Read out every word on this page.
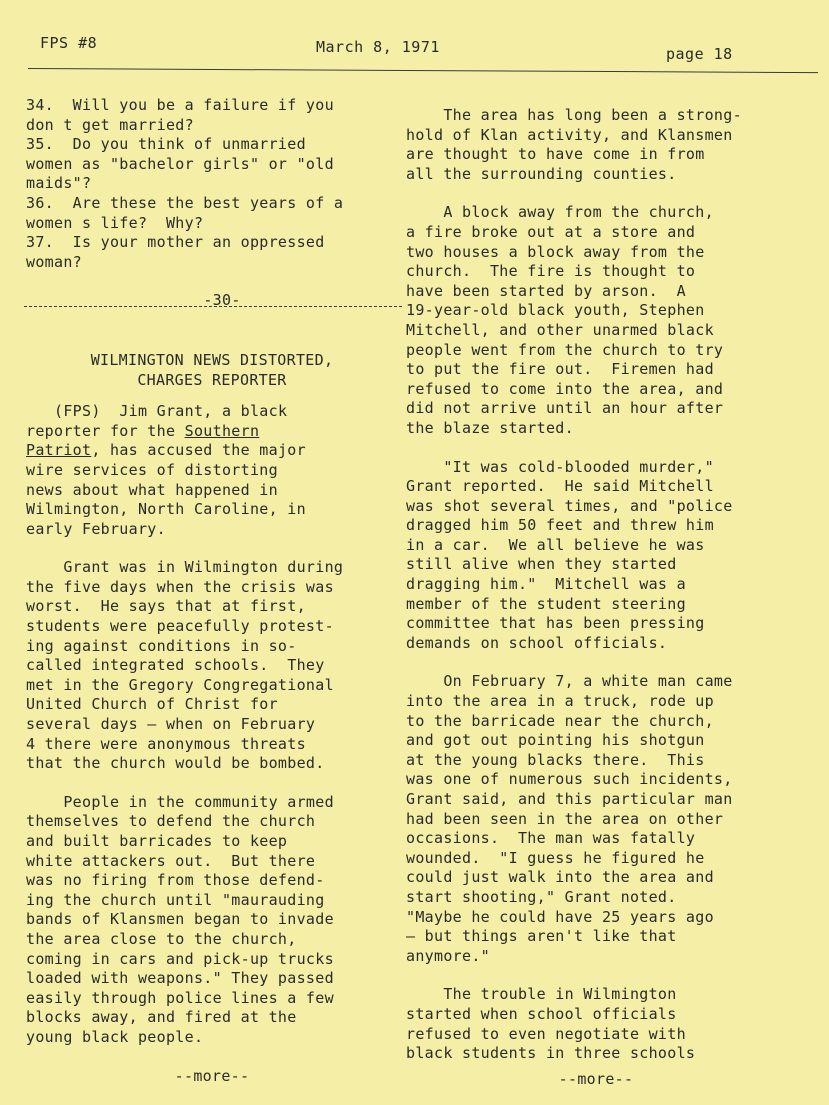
FPS #8	March 8, 1971	page 18

34.  Will you be a failure if you
don t get married?

35.  Do you think of unmarried
women as "bachelor girls" or "old
maids"?

36.  Are these the best years of a
women s life?  Why?

37.  Is your mother an oppressed
woman?

-30-

WILMINGTON NEWS DISTORTED,

CHARGES REPORTER

(FPS)  Jim Grant, a black
reporter for the Southern
Patriot, has accused the major
wire services of distorting
news about what happened in
Wilmington, North Caroline, in
early February.

Grant was in Wilmington during
the five days when the crisis was
worst.  He says that at first,
students were peacefully protest-
ing against conditions in so-
called integrated schools.  They
met in the Gregory Congregational
United Church of Christ for
several days — when on February
4 there were anonymous threats
that the church would be bombed.

People in the community armed
themselves to defend the church
and built barricades to keep
white attackers out.  But there
was no firing from those defend-
ing the church until "maurauding
bands of Klansmen began to invade
the area close to the church,
coming in cars and pick-up trucks
loaded with weapons." They passed
easily through police lines a few
blocks away, and fired at the
young black people.

--more--

The area has long been a strong-
hold of Klan activity, and Klansmen
are thought to have come in from
all the surrounding counties.

A block away from the church,
a fire broke out at a store and
two houses a block away from the
church.  The fire is thought to
have been started by arson.  A
19-year-old black youth, Stephen
Mitchell, and other unarmed black
people went from the church to try
to put the fire out.  Firemen had
refused to come into the area, and
did not arrive until an hour after
the blaze started.

"It was cold-blooded murder,"
Grant reported.  He said Mitchell
was shot several times, and "police
dragged him 50 feet and threw him
in a car.  We all believe he was
still alive when they started
dragging him."  Mitchell was a
member of the student steering
committee that has been pressing
demands on school officials.

On February 7, a white man came
into the area in a truck, rode up
to the barricade near the church,
and got out pointing his shotgun
at the young blacks there.  This
was one of numerous such incidents,
Grant said, and this particular man
had been seen in the area on other
occasions.  The man was fatally
wounded.  "I guess he figured he
could just walk into the area and
start shooting," Grant noted.
"Maybe he could have 25 years ago
— but things aren't like that
anymore."

The trouble in Wilmington
started when school officials
refused to even negotiate with
black students in three schools

--more--
